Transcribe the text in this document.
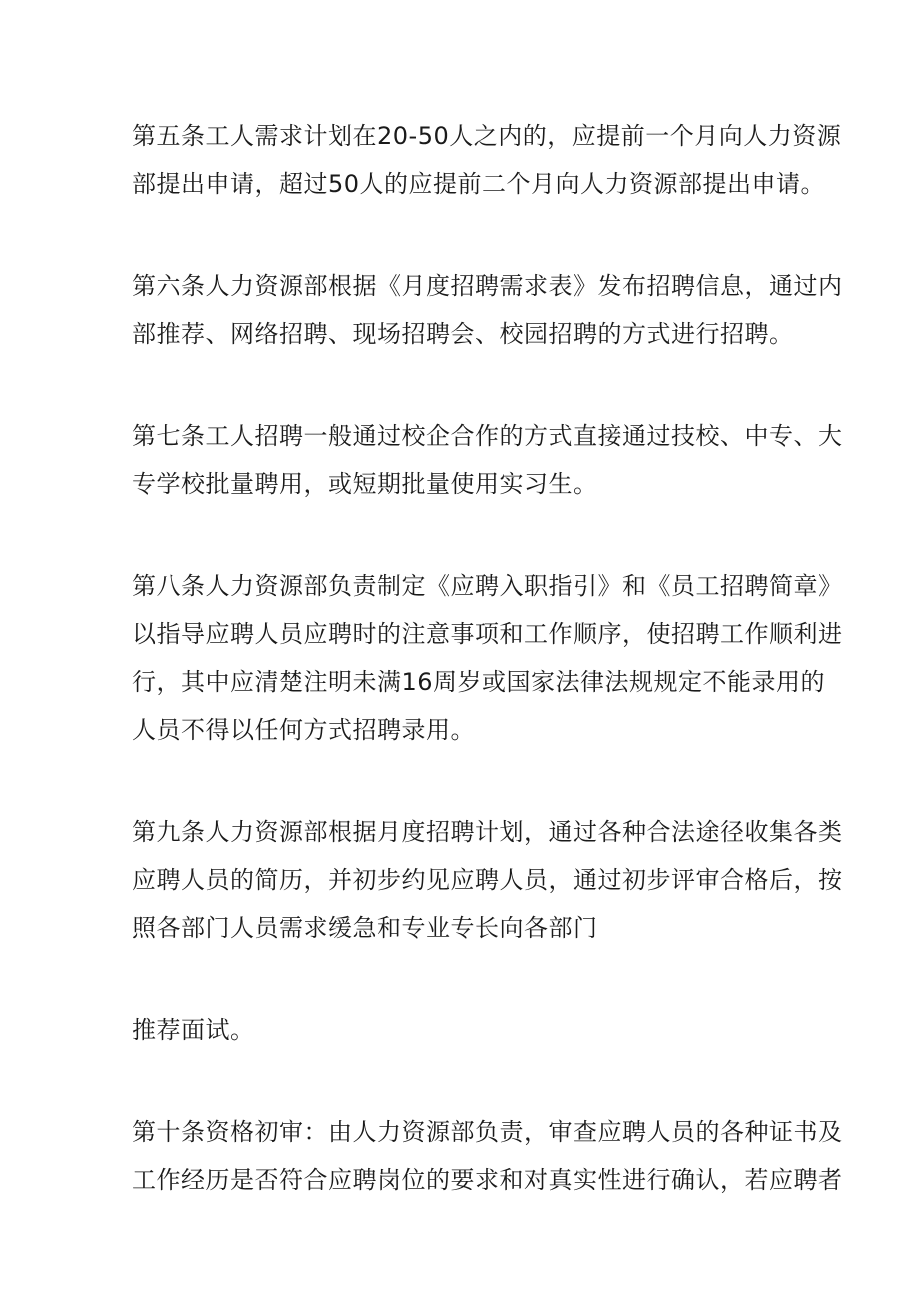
第五条工人需求计划在20-50人之内的，应提前一个月向人力资源
部提出申请，超过50人的应提前二个月向人力资源部提出申请。

第六条人力资源部根据《月度招聘需求表》发布招聘信息，通过内
部推荐、网络招聘、现场招聘会、校园招聘的方式进行招聘。

第七条工人招聘一般通过校企合作的方式直接通过技校、中专、大
专学校批量聘用，或短期批量使用实习生。

第八条人力资源部负责制定《应聘入职指引》和《员工招聘简章》
以指导应聘人员应聘时的注意事项和工作顺序，使招聘工作顺利进
行，其中应清楚注明未满16周岁或国家法律法规规定不能录用的
人员不得以任何方式招聘录用。

第九条人力资源部根据月度招聘计划，通过各种合法途径收集各类
应聘人员的简历，并初步约见应聘人员，通过初步评审合格后，按
照各部门人员需求缓急和专业专长向各部门

推荐面试。

第十条资格初审：由人力资源部负责，审查应聘人员的各种证书及
工作经历是否符合应聘岗位的要求和对真实性进行确认，若应聘者
